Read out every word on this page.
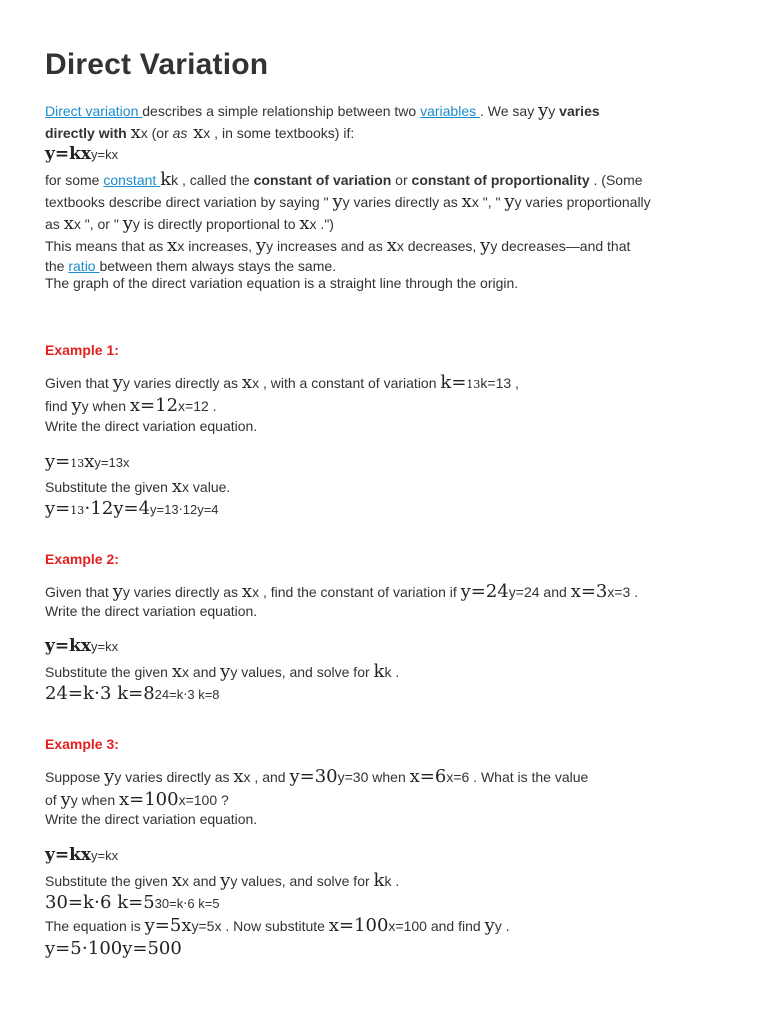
Direct Variation
Direct variation describes a simple relationship between two variables . We say yy varies
directly with xx (or as xx , in some textbooks) if:
y=kxy=kx
for some constant kk , called the constant of variation or constant of proportionality . (Some
textbooks describe direct variation by saying " yy varies directly as xx ", " yy varies proportionally
as xx ", or " yy is directly proportional to xx .")
This means that as xx increases, yy increases and as xx decreases, yy decreases—and that
the ratio between them always stays the same.
The graph of the direct variation equation is a straight line through the origin.
Example 1:
Given that yy varies directly as xx , with a constant of variation k=13k=13 ,
find yy when x=12x=12 .
Write the direct variation equation.
y=13xy=13x
Substitute the given xx value.
y=13⋅12y=4y=13⋅12y=4
Example 2:
Given that yy varies directly as xx , find the constant of variation if y=24y=24 and x=3x=3 .
Write the direct variation equation.
y=kxy=kx
Substitute the given xx and yy values, and solve for kk .
24=k⋅3 k=824=k⋅3 k=8
Example 3:
Suppose yy varies directly as xx , and y=30y=30 when x=6x=6 . What is the value
of yy when x=100x=100 ?
Write the direct variation equation.
y=kxy=kx
Substitute the given xx and yy values, and solve for kk .
30=k⋅6 k=530=k⋅6 k=5
The equation is y=5xy=5x . Now substitute x=100x=100 and find yy .
y=5⋅100y=500
